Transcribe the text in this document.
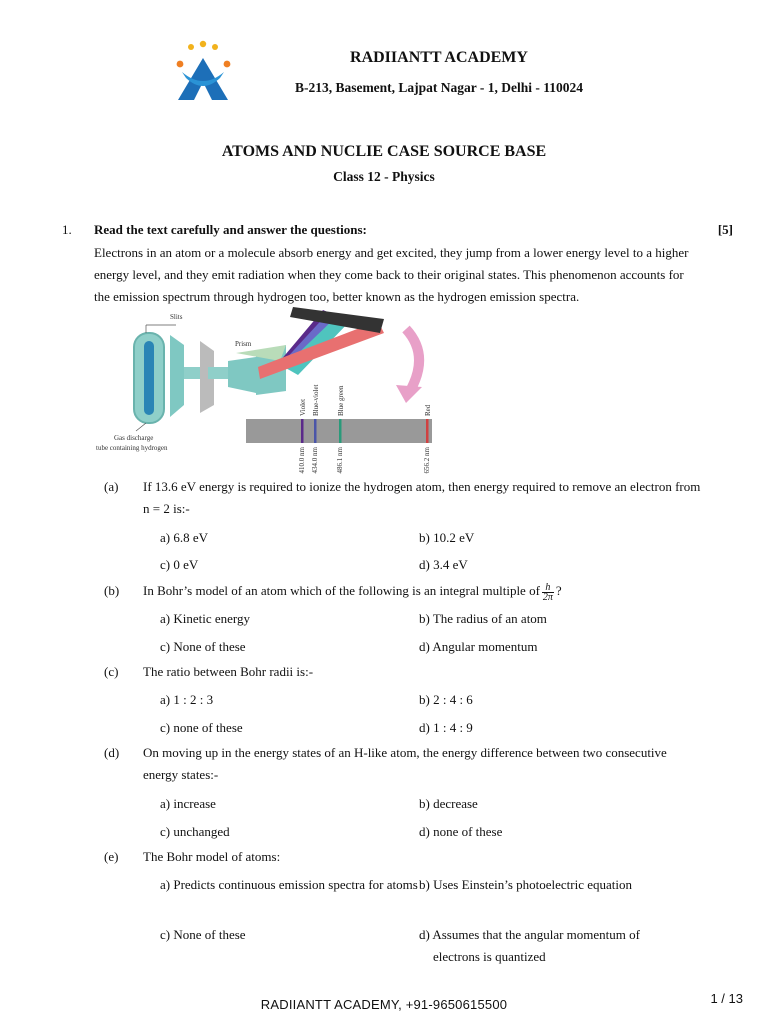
RADIIANTT ACADEMY
B-213, Basement, Lajpat Nagar - 1, Delhi - 110024
ATOMS AND NUCLIE CASE SOURCE BASE
Class 12 - Physics
1. Read the text carefully and answer the questions:	[5]
Electrons in an atom or a molecule absorb energy and get excited, they jump from a lower energy level to a higher energy level, and they emit radiation when they come back to their original states. This phenomenon accounts for the emission spectrum through hydrogen too, better known as the hydrogen emission spectra.
Slits
Prism
Gas discharge
tube containing hydrogen
Violet Blue-violet Blue green	Red
410.0 nm 434.0 nm 486.1 nm	656.2 nm
(a) If 13.6 eV energy is required to ionize the hydrogen atom, then energy required to remove an electron from n = 2 is:-
a) 6.8 eV	b) 10.2 eV
c) 0 eV	d) 3.4 eV
(b) In Bohr’s model of an atom which of the following is an integral multiple of $\frac{h}{2\pi}$ ?
a) Kinetic energy	b) The radius of an atom
c) None of these	d) Angular momentum
(c) The ratio between Bohr radii is:-
a) 1 : 2 : 3	b) 2 : 4 : 6
c) none of these	d) 1 : 4 : 9
(d) On moving up in the energy states of an H-like atom, the energy difference between two consecutive energy states:-
a) increase	b) decrease
c) unchanged	d) none of these
(e) The Bohr model of atoms:
a) Predicts continuous emission spectra for atoms b) Uses Einstein’s photoelectric equation
c) None of these	d) Assumes that the angular momentum of electrons is quantized
RADIIANTT ACADEMY, +91-9650615500	1 / 13
